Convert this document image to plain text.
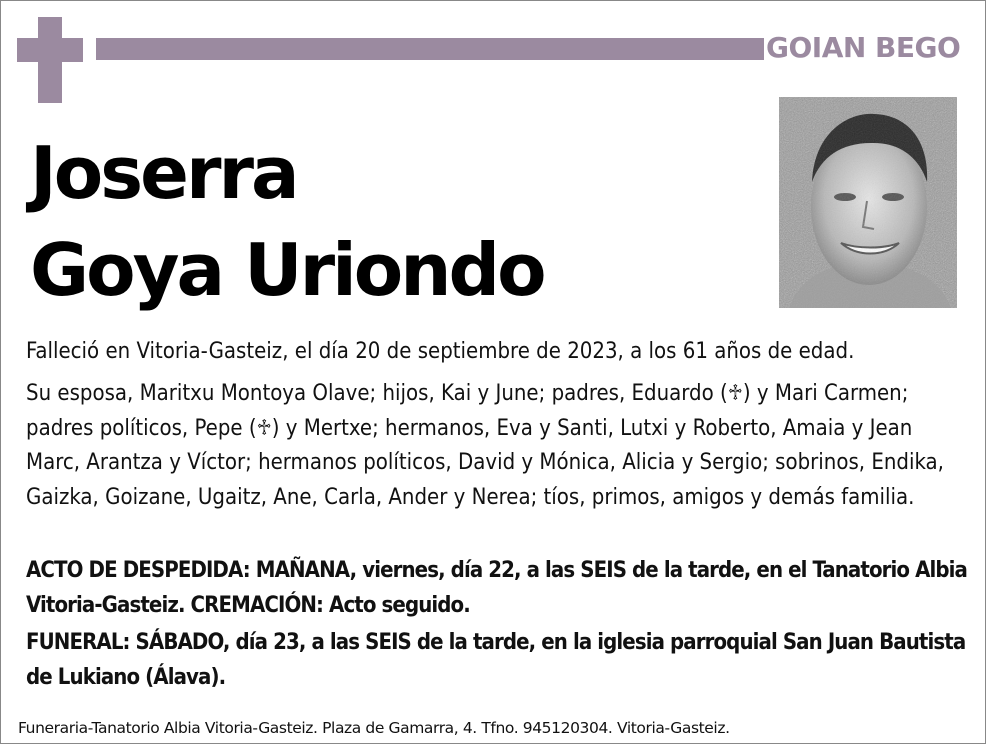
GOIAN BEGO
Joserra
Goya Uriondo

Falleció en Vitoria-Gasteiz, el día 20 de septiembre de 2023, a los 61 años de edad.

Su esposa, Maritxu Montoya Olave; hijos, Kai y June; padres, Eduardo (♱) y Mari Carmen; padres políticos, Pepe (♱) y Mertxe; hermanos, Eva y Santi, Lutxi y Roberto, Amaia y Jean Marc, Arantza y Víctor; hermanos políticos, David y Mónica, Alicia y Sergio; sobrinos, Endika, Gaizka, Goizane, Ugaitz, Ane, Carla, Ander y Nerea; tíos, primos, amigos y demás familia.

ACTO DE DESPEDIDA: MAÑANA, viernes, día 22, a las SEIS de la tarde, en el Tanatorio Albia Vitoria-Gasteiz. CREMACIÓN: Acto seguido.

FUNERAL: SÁBADO, día 23, a las SEIS de la tarde, en la iglesia parroquial San Juan Bautista de Lukiano (Álava).

Funeraria-Tanatorio Albia Vitoria-Gasteiz. Plaza de Gamarra, 4. Tfno. 945120304. Vitoria-Gasteiz.
